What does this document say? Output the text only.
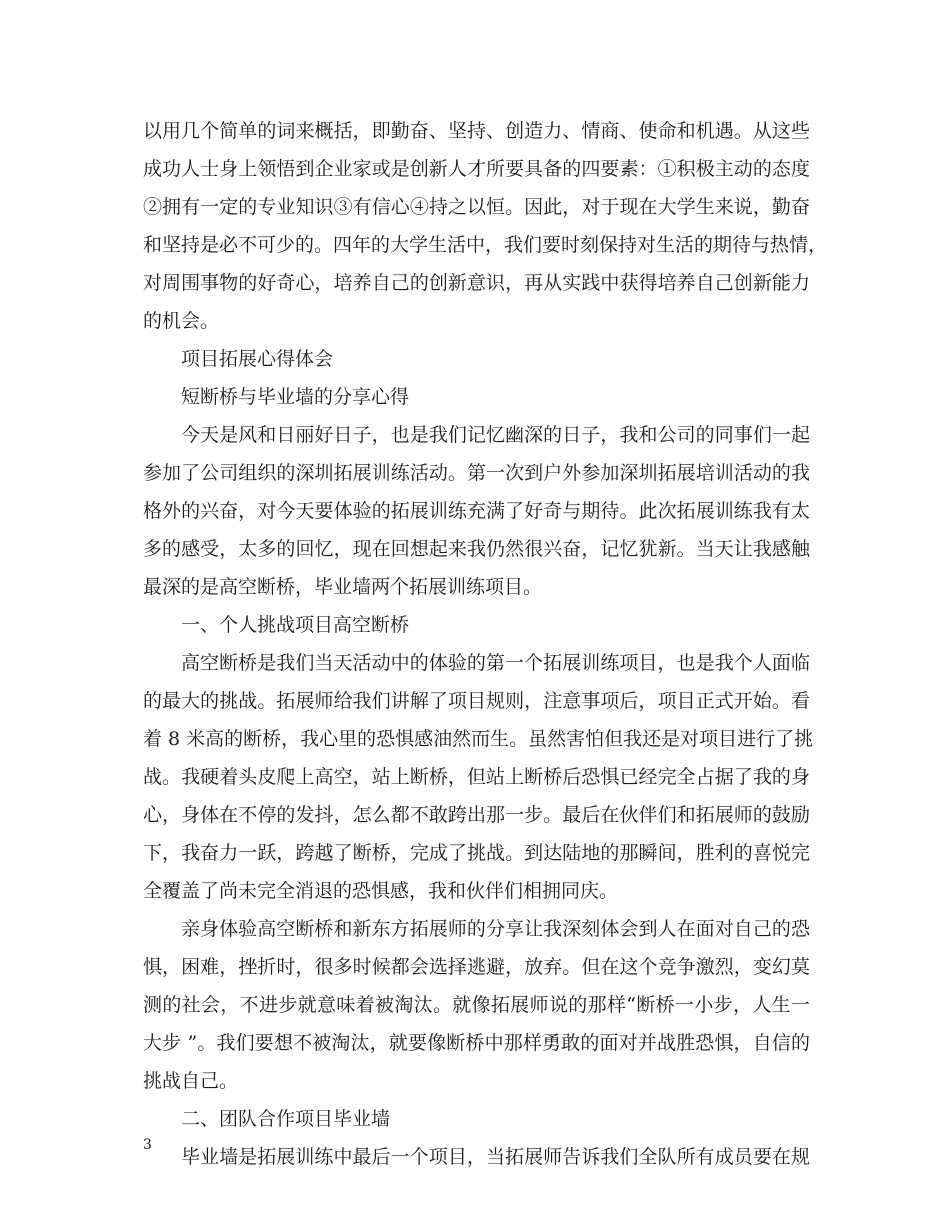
以用几个简单的词来概括，即勤奋、坚持、创造力、情商、使命和机遇。从这些
成功人士身上领悟到企业家或是创新人才所要具备的四要素：①积极主动的态度
②拥有一定的专业知识③有信心④持之以恒。因此，对于现在大学生来说，勤奋
和坚持是必不可少的。四年的大学生活中，我们要时刻保持对生活的期待与热情，
对周围事物的好奇心，培养自己的创新意识，再从实践中获得培养自己创新能力
的机会。
项目拓展心得体会
短断桥与毕业墙的分享心得
今天是风和日丽好日子，也是我们记忆幽深的日子，我和公司的同事们一起
参加了公司组织的深圳拓展训练活动。第一次到户外参加深圳拓展培训活动的我
格外的兴奋，对今天要体验的拓展训练充满了好奇与期待。此次拓展训练我有太
多的感受，太多的回忆，现在回想起来我仍然很兴奋，记忆犹新。当天让我感触
最深的是高空断桥，毕业墙两个拓展训练项目。
一、个人挑战项目高空断桥
高空断桥是我们当天活动中的体验的第一个拓展训练项目，也是我个人面临
的最大的挑战。拓展师给我们讲解了项目规则，注意事项后，项目正式开始。看
着 8 米高的断桥，我心里的恐惧感油然而生。虽然害怕但我还是对项目进行了挑
战。我硬着头皮爬上高空，站上断桥，但站上断桥后恐惧已经完全占据了我的身
心，身体在不停的发抖，怎么都不敢跨出那一步。最后在伙伴们和拓展师的鼓励
下，我奋力一跃，跨越了断桥，完成了挑战。到达陆地的那瞬间，胜利的喜悦完
全覆盖了尚未完全消退的恐惧感，我和伙伴们相拥同庆。
亲身体验高空断桥和新东方拓展师的分享让我深刻体会到人在面对自己的恐
惧，困难，挫折时，很多时候都会选择逃避，放弃。但在这个竞争激烈，变幻莫
测的社会，不进步就意味着被淘汰。就像拓展师说的那样“断桥一小步，人生一
大步 ”。我们要想不被淘汰，就要像断桥中那样勇敢的面对并战胜恐惧，自信的
挑战自己。
二、团队合作项目毕业墙
毕业墙是拓展训练中最后一个项目，当拓展师告诉我们全队所有成员要在规
3
